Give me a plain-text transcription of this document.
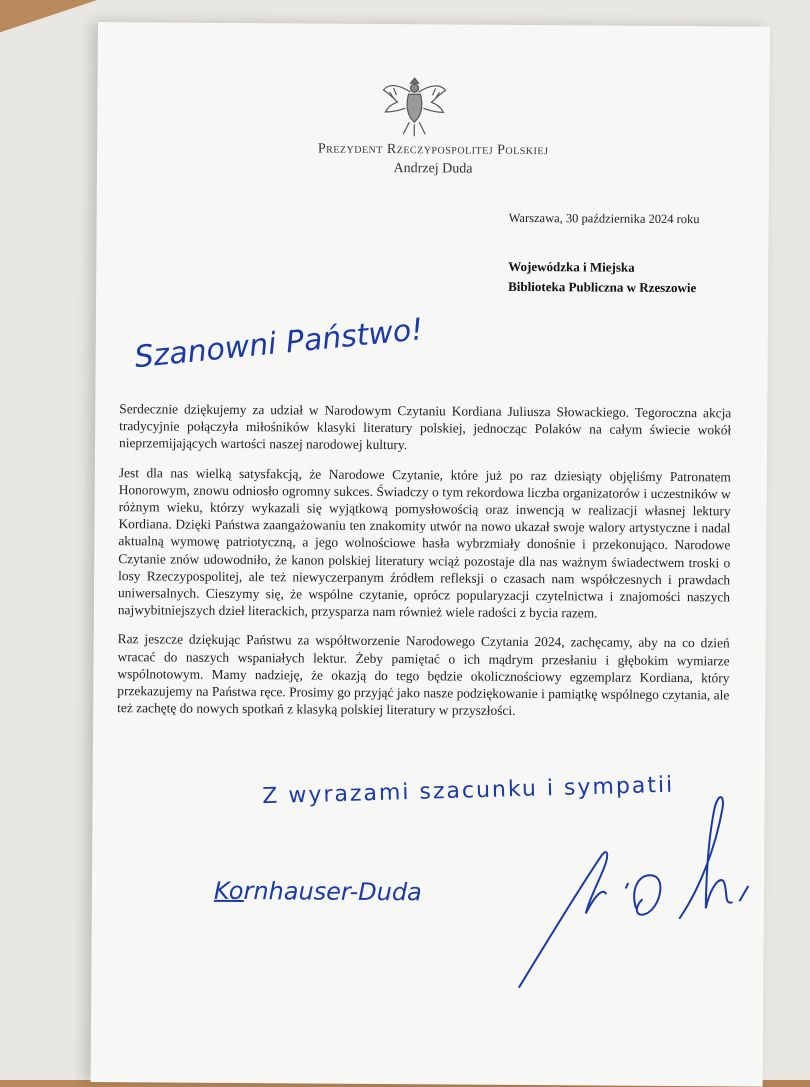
Prezydent Rzeczypospolitej Polskiej
Andrzej Duda
Warszawa, 30 października 2024 roku
Wojewódzka i Miejska
Biblioteka Publiczna w Rzeszowie
Szanowni Państwo!

Serdecznie dziękujemy za udział w Narodowym Czytaniu Kordiana Juliusza Słowackiego. Tegoroczna akcja tradycyjnie połączyła miłośników klasyki literatury polskiej, jednocząc Polaków na całym świecie wokół nieprzemijających wartości naszej narodowej kultury.

Jest dla nas wielką satysfakcją, że Narodowe Czytanie, które już po raz dziesiąty objęliśmy Patronatem Honorowym, znowu odniosło ogromny sukces. Świadczy o tym rekordowa liczba organizatorów i uczestników w różnym wieku, którzy wykazali się wyjątkową pomysłowością oraz inwencją w realizacji własnej lektury Kordiana. Dzięki Państwa zaangażowaniu ten znakomity utwór na nowo ukazał swoje walory artystyczne i nadal aktualną wymowę patriotyczną, a jego wolnościowe hasła wybrzmiały donośnie i przekonująco. Narodowe Czytanie znów udowodniło, że kanon polskiej literatury wciąż pozostaje dla nas ważnym świadectwem troski o losy Rzeczypospolitej, ale też niewyczerpanym źródłem refleksji o czasach nam współczesnych i prawdach uniwersalnych. Cieszymy się, że wspólne czytanie, oprócz popularyzacji czytelnictwa i znajomości naszych najwybitniejszych dzieł literackich, przysparza nam również wiele radości z bycia razem.

Raz jeszcze dziękując Państwu za współtworzenie Narodowego Czytania 2024, zachęcamy, aby na co dzień wracać do naszych wspaniałych lektur. Żeby pamiętać o ich mądrym przesłaniu i głębokim wymiarze wspólnotowym. Mamy nadzieję, że okazją do tego będzie okolicznościowy egzemplarz Kordiana, który przekazujemy na Państwa ręce. Prosimy go przyjąć jako nasze podziękowanie i pamiątkę wspólnego czytania, ale też zachętę do nowych spotkań z klasyką polskiej literatury w przyszłości.

Z wyrazami szacunku i sympatii
Kornhauser-Duda
